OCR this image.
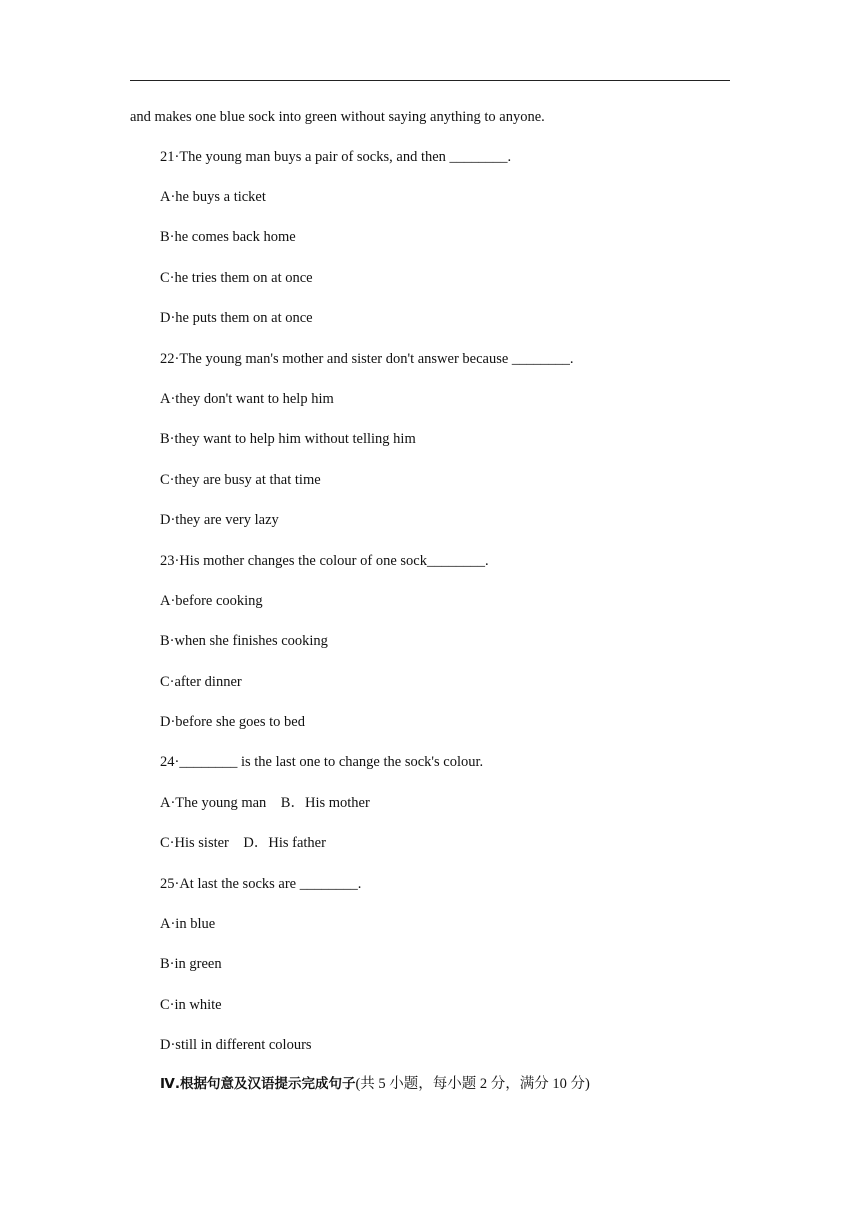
and makes one blue sock into green without saying anything to anyone.
21·The young man buys a pair of socks, and then ________.
A·he buys a ticket
B·he comes back home
C·he tries them on at once
D·he puts them on at once
22·The young man's mother and sister don't answer because ________.
A·they don't want to help him
B·they want to help him without telling him
C·they are busy at that time
D·they are very lazy
23·His mother changes the colour of one sock________.
A·before cooking
B·when she finishes cooking
C·after dinner
D·before she goes to bed
24·________ is the last one to change the sock's colour.
A·The young man　B．His mother
C·His sister　D．His father
25·At last the socks are ________.
A·in blue
B·in green
C·in white
D·still in different colours
Ⅳ.根据句意及汉语提示完成句子(共 5 小题，每小题 2 分，满分 10 分)
